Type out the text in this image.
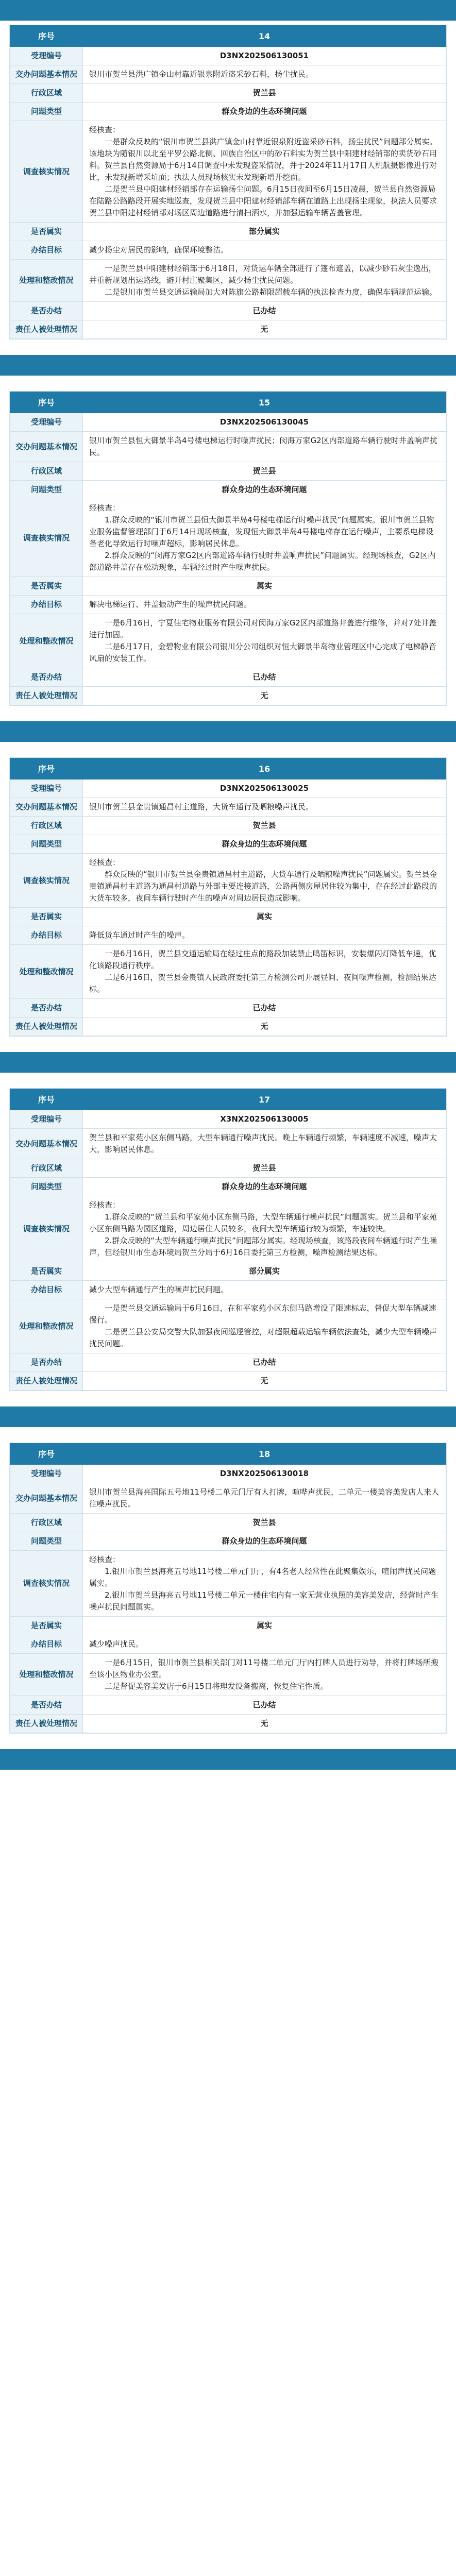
序号	14
受理编号	D3NX202506130051
交办问题基本情况	银川市贺兰县洪广镇金山村靠近银泉附近盗采砂石料，扬尘扰民。
行政区域	贺兰县
问题类型	群众身边的生态环境问题
调查核实情况	经核查：
一是群众反映的“银川市贺兰县洪广镇金山村靠近银泉附近盗采砂石料，扬尘扰民”问题部分属实。该地块为随银川以北至平罗公路北侧、回族自治区中的砂石料实为贺兰县中阳建材经销部的卖货砂石用料。贺兰县自然资源局于6月14日调查中未发现盗采情况，并于2024年11月17日人机航摄影像进行对比，未发现新增采坑面；执法人员现场核实未发现新增开挖面。
二是贺兰县中阳建材经销部存在运输扬尘问题。6月15日夜间至6月15日凌晨，贺兰县自然资源局在陆路公路路段开展实地巡查，发现贺兰县中阳建材经销部车辆在道路上出现扬尘现象，执法人员要求贺兰县中阳建材经销部对场区周边道路进行清扫洒水，并加强运输车辆苫盖管理。

是否属实	部分属实
办结目标	减少扬尘对居民的影响，确保环境整洁。
处理和整改情况	一是贺兰县中阳建材经销部于6月18日，对货运车辆全部进行了篷布遮盖，以减少砂石灰尘逸出，并重新规划出运路线，避开村庄聚集区，减少扬尘扰民问题。
二是银川市贺兰县交通运输局加大对陈旗公路超限超载车辆的执法检查力度，确保车辆规范运输。

是否办结	已办结
责任人被处理情况	无
序号	15
受理编号	D3NX202506130045
交办问题基本情况	银川市贺兰县恒大御景半岛4号楼电梯运行时噪声扰民；闵海万家G2区内部道路车辆行驶时井盖响声扰民。
行政区域	贺兰县
问题类型	群众身边的生态环境问题
调查核实情况	经核查：
1.群众反映的“银川市贺兰县恒大御景半岛4号楼电梯运行时噪声扰民”问题属实。银川市贺兰县物业服务监督管理部门于6月14日现场核查，发现恒大御景半岛4号楼电梯存在运行噪声，主要系电梯设备老化导致运行时噪声超标，影响居民休息。
2.群众反映的“闵海万家G2区内部道路车辆行驶时井盖响声扰民”问题属实。经现场核查，G2区内部道路井盖存在松动现象，车辆经过时产生噪声扰民。

是否属实	属实
办结目标	解决电梯运行、井盖振动产生的噪声扰民问题。
处理和整改情况	一是6月16日，宁夏佳宅物业服务有限公司对闵海万家G2区内部道路井盖进行维修，并对7处井盖进行加固。
二是6月17日，金碧物业有限公司银川分公司组织对恒大御景半岛物业管理区中心完成了电梯静音风扇的安装工作。

是否办结	已办结
责任人被处理情况	无
序号	16
受理编号	D3NX202506130025
交办问题基本情况	银川市贺兰县金贵镇通昌村主道路，大货车通行及晒粮噪声扰民。
行政区域	贺兰县
问题类型	群众身边的生态环境问题
调查核实情况	经核查：
群众反映的“银川市贺兰县金贵镇通昌村主道路，大货车通行及晒粮噪声扰民”问题属实。贺兰县金贵镇通昌村主道路为通昌村道路与外部主要连接道路，公路两侧房屋居住较为集中，存在经过此路段的大货车较多，夜间车辆行驶时产生的噪声对周边居民造成影响。

是否属实	属实
办结目标	降低货车通过时产生的噪声。
处理和整改情况	一是6月16日，贺兰县交通运输局在经过庄点的路段加装禁止鸣笛标识，安装爆闪灯降低车速，优化该路段通行秩序。
二是6月16日，贺兰县金贵镇人民政府委托第三方检测公司开展昼间、夜间噪声检测，检测结果达标。

是否办结	已办结
责任人被处理情况	无
序号	17
受理编号	X3NX202506130005
交办问题基本情况	贺兰县和平家苑小区东侧马路，大型车辆通行噪声扰民。晚上车辆通行频繁，车辆速度不减速，噪声太大，影响居民休息。
行政区域	贺兰县
问题类型	群众身边的生态环境问题
调查核实情况	经核查：
1.群众反映的“贺兰县和平家苑小区东侧马路，大型车辆通行噪声扰民”问题属实。贺兰县和平家苑小区东侧马路为园区道路，周边居住人员较多，夜间大型车辆通行较为频繁，车速较快。
2.群众反映的“大型车辆通行噪声扰民”问题部分属实。经现场核查，该路段夜间车辆通行时产生噪声，但经银川市生态环境局贺兰分局于6月16日委托第三方检测，噪声检测结果达标。

是否属实	部分属实
办结目标	减少大型车辆通行产生的噪声扰民问题。
处理和整改情况	一是贺兰县交通运输局于6月16日，在和平家苑小区东侧马路增设了限速标志，督促大型车辆减速慢行。
二是贺兰县公安局交警大队加强夜间巡逻管控，对超限超载运输车辆依法查处，减少大型车辆噪声扰民问题。

是否办结	已办结
责任人被处理情况	无
序号	18
受理编号	D3NX202506130018
交办问题基本情况	银川市贺兰县海亮国际五号地11号楼二单元门厅有人打牌，喧哗声扰民，二单元一楼美容美发店人来人往噪声扰民。
行政区域	贺兰县
问题类型	群众身边的生态环境问题
调查核实情况	经核查：
1.银川市贺兰县海亮五号地11号楼二单元门厅，有4名老人经常性在此聚集娱乐，喧闹声扰民问题属实。
2.银川市贺兰县海亮五号地11号楼二单元一楼住宅内有一家无营业执照的美容美发店，经营时产生噪声扰民问题属实。

是否属实	属实
办结目标	减少噪声扰民。
处理和整改情况	一是6月15日，银川市贺兰县相关部门对11号楼二单元门厅内打牌人员进行劝导，并将打牌场所搬至该小区物业办公室。
二是督促美容美发店于6月15日将理发设备搬离，恢复住宅性质。

是否办结	已办结
责任人被处理情况	无
